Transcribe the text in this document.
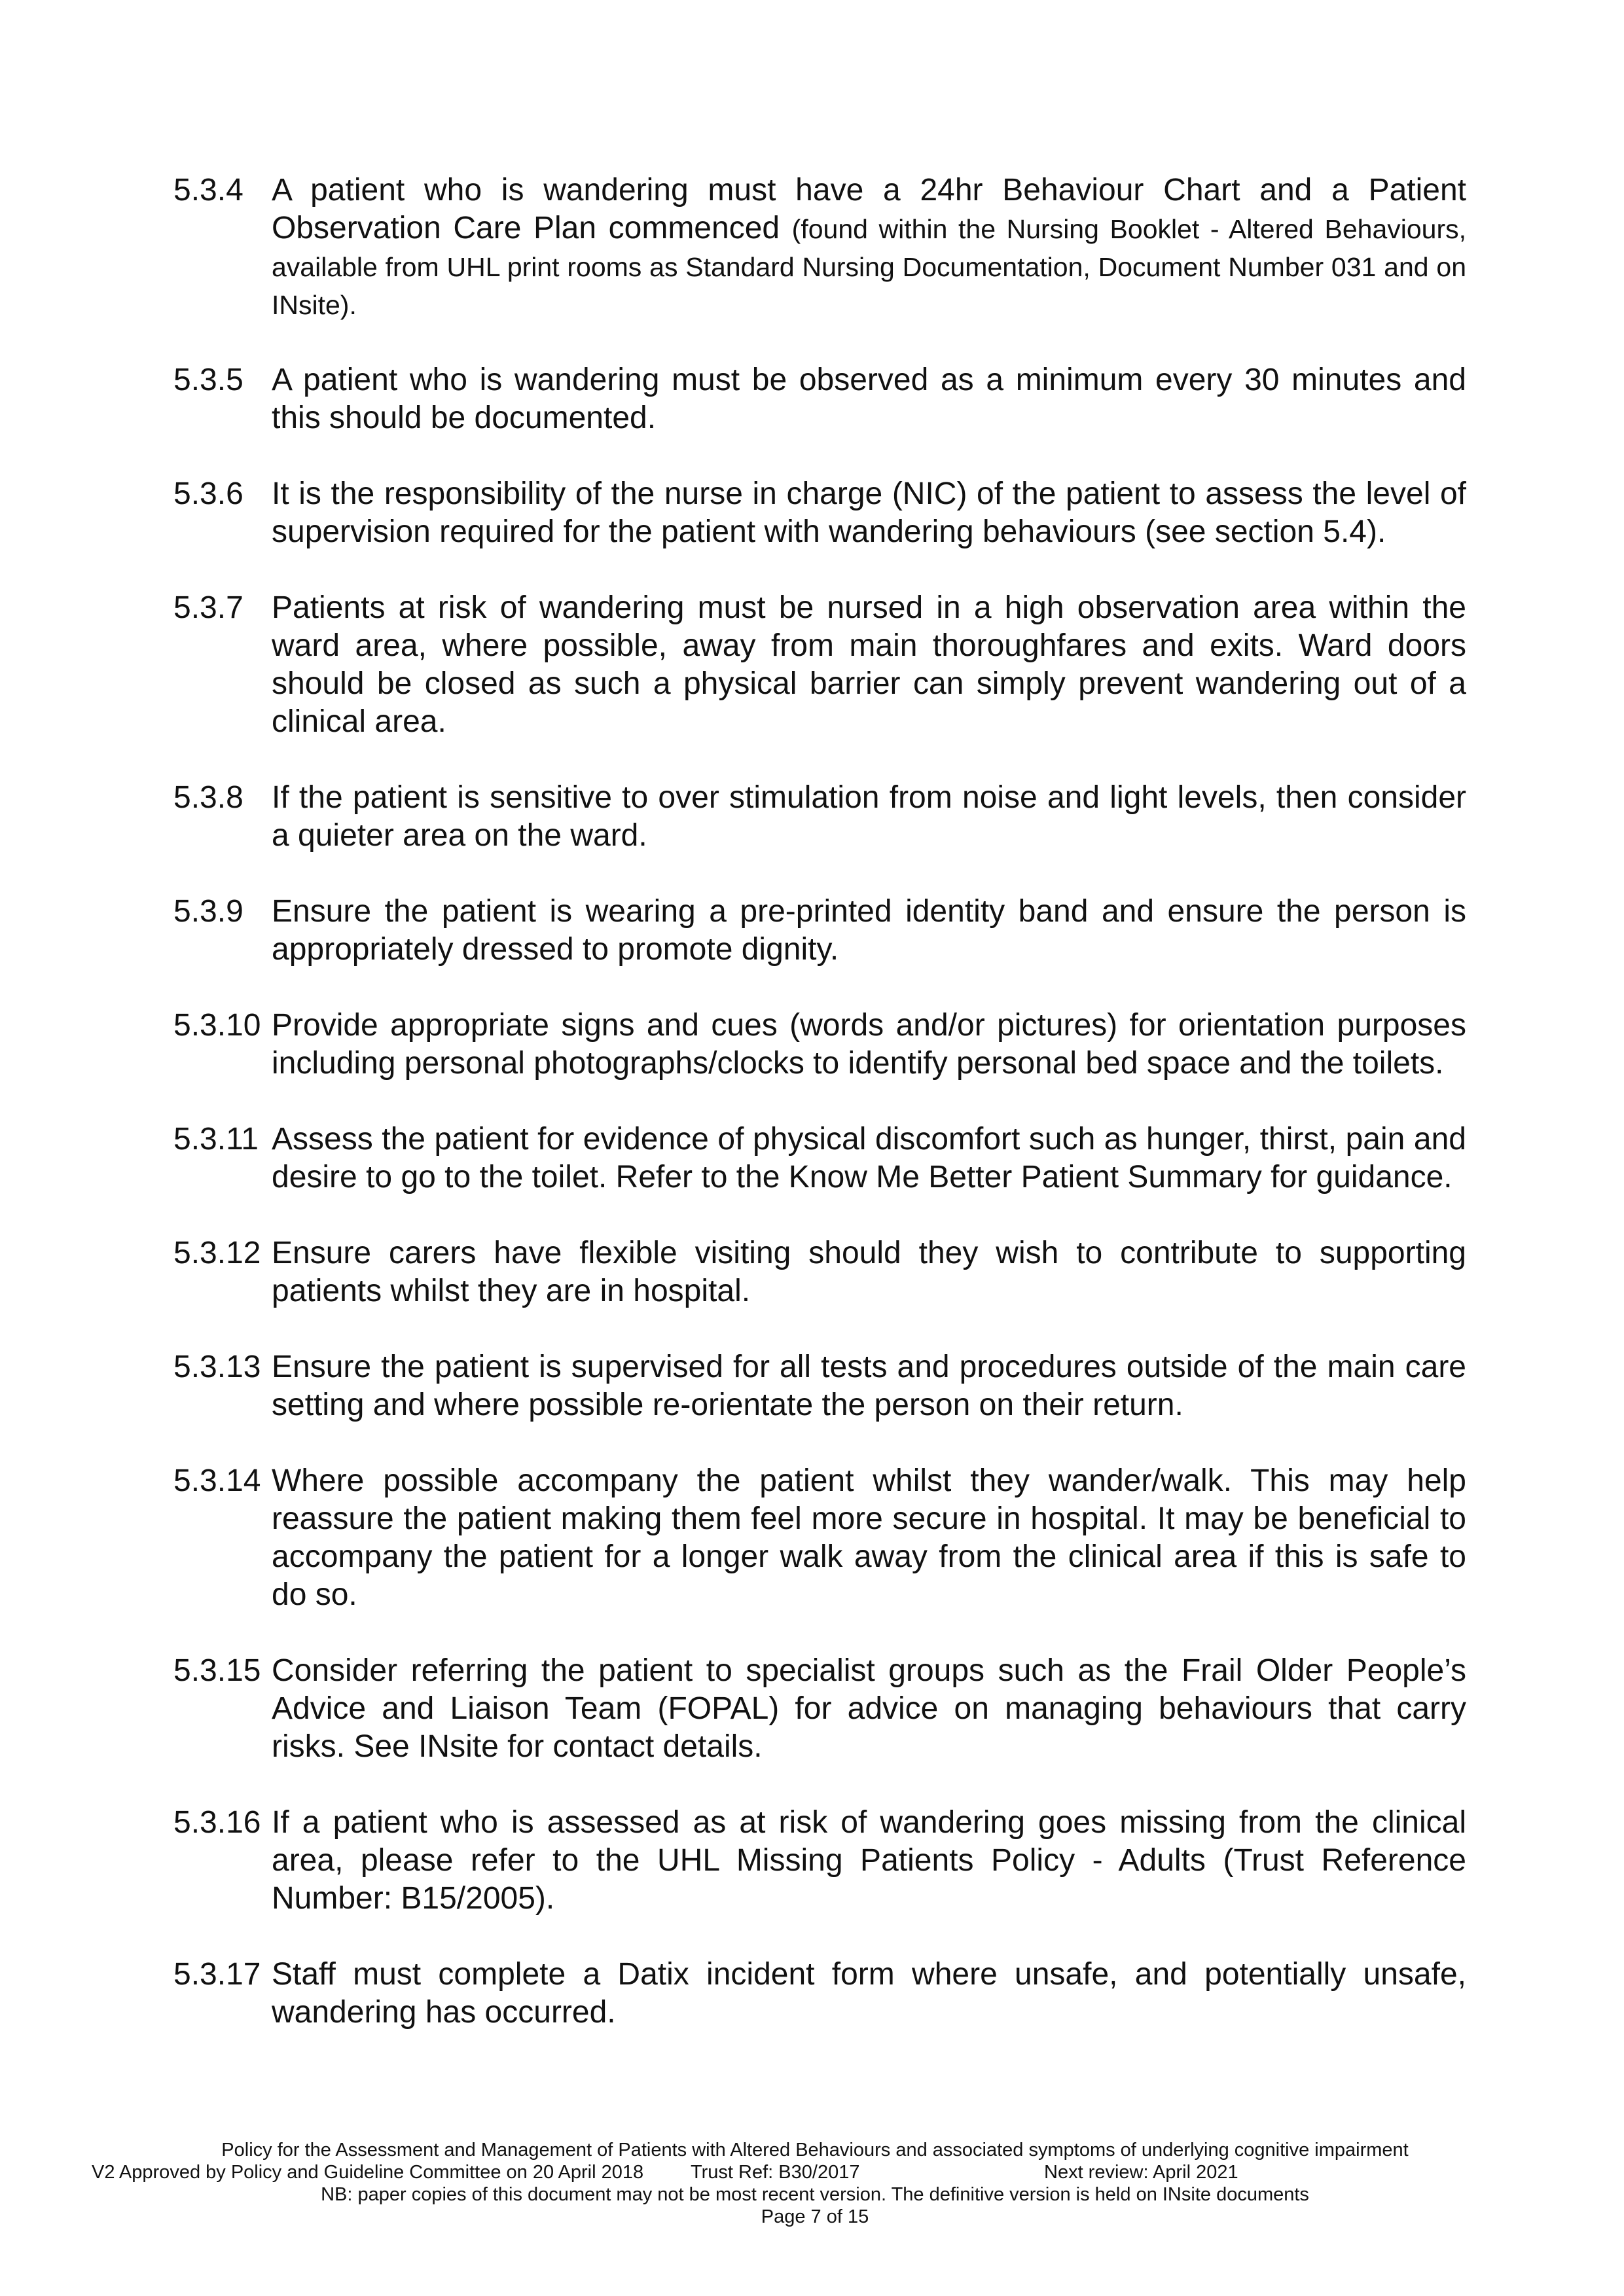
5.3.4 A patient who is wandering must have a 24hr Behaviour Chart and a Patient Observation Care Plan commenced (found within the Nursing Booklet - Altered Behaviours, available from UHL print rooms as Standard Nursing Documentation, Document Number 031 and on INsite).
5.3.5 A patient who is wandering must be observed as a minimum every 30 minutes and this should be documented.
5.3.6 It is the responsibility of the nurse in charge (NIC) of the patient to assess the level of supervision required for the patient with wandering behaviours (see section 5.4).
5.3.7 Patients at risk of wandering must be nursed in a high observation area within the ward area, where possible, away from main thoroughfares and exits. Ward doors should be closed as such a physical barrier can simply prevent wandering out of a clinical area.
5.3.8 If the patient is sensitive to over stimulation from noise and light levels, then consider a quieter area on the ward.
5.3.9 Ensure the patient is wearing a pre-printed identity band and ensure the person is appropriately dressed to promote dignity.
5.3.10 Provide appropriate signs and cues (words and/or pictures) for orientation purposes including personal photographs/clocks to identify personal bed space and the toilets.
5.3.11 Assess the patient for evidence of physical discomfort such as hunger, thirst, pain and desire to go to the toilet. Refer to the Know Me Better Patient Summary for guidance.
5.3.12 Ensure carers have flexible visiting should they wish to contribute to supporting patients whilst they are in hospital.
5.3.13 Ensure the patient is supervised for all tests and procedures outside of the main care setting and where possible re-orientate the person on their return.
5.3.14 Where possible accompany the patient whilst they wander/walk. This may help reassure the patient making them feel more secure in hospital. It may be beneficial to accompany the patient for a longer walk away from the clinical area if this is safe to do so.
5.3.15 Consider referring the patient to specialist groups such as the Frail Older People’s Advice and Liaison Team (FOPAL) for advice on managing behaviours that carry risks. See INsite for contact details.
5.3.16 If a patient who is assessed as at risk of wandering goes missing from the clinical area, please refer to the UHL Missing Patients Policy - Adults (Trust Reference Number: B15/2005).
5.3.17 Staff must complete a Datix incident form where unsafe, and potentially unsafe, wandering has occurred.
Policy for the Assessment and Management of Patients with Altered Behaviours and associated symptoms of underlying cognitive impairment
V2 Approved by Policy and Guideline Committee on 20 April 2018	Trust Ref: B30/2017	Next review: April 2021
NB: paper copies of this document may not be most recent version. The definitive version is held on INsite documents
Page 7 of 15
